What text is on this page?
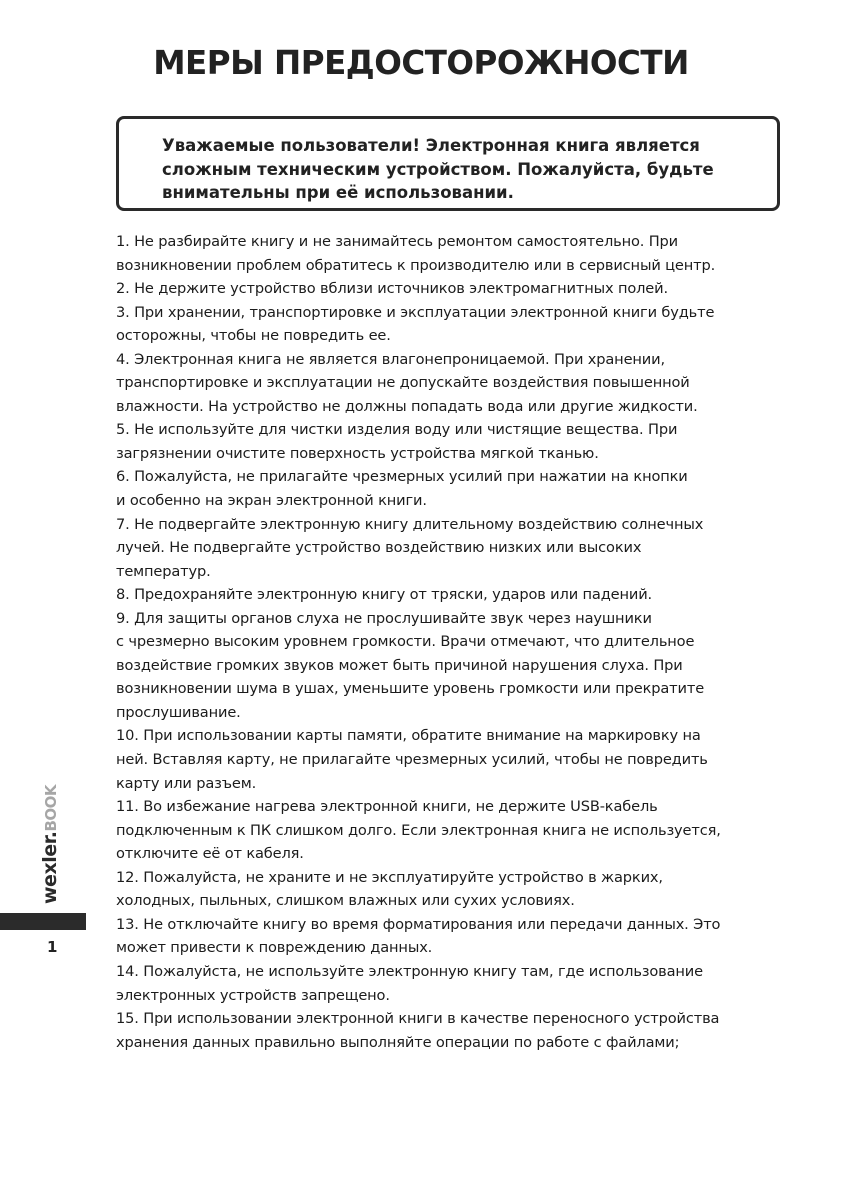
МЕРЫ ПРЕДОСТОРОЖНОСТИ
Уважаемые пользователи! Электронная книга является
сложным техническим устройством. Пожалуйста, будьте
внимательны при её использовании.
1. Не разбирайте книгу и не занимайтесь ремонтом самостоятельно. При
возникновении проблем обратитесь к производителю или в сервисный центр.
2. Не держите устройство вблизи источников электромагнитных полей.
3. При хранении, транспортировке и эксплуатации электронной книги будьте
осторожны, чтобы не повредить ее.
4. Электронная книга не является влагонепроницаемой. При хранении,
транспортировке и эксплуатации не допускайте воздействия повышенной
влажности. На устройство не должны попадать вода или другие жидкости.
5. Не используйте для чистки изделия воду или чистящие вещества. При
загрязнении очистите поверхность устройства мягкой тканью.
6. Пожалуйста, не прилагайте чрезмерных усилий при нажатии на кнопки
и особенно на экран электронной книги.
7. Не подвергайте электронную книгу длительному воздействию солнечных
лучей. Не подвергайте устройство воздействию низких или высоких
температур.
8. Предохраняйте электронную книгу от тряски, ударов или падений.
9. Для защиты органов слуха не прослушивайте звук через наушники
с чрезмерно высоким уровнем громкости. Врачи отмечают, что длительное
воздействие громких звуков может быть причиной нарушения слуха. При
возникновении шума в ушах, уменьшите уровень громкости или прекратите
прослушивание.
10. При использовании карты памяти, обратите внимание на маркировку на
ней. Вставляя карту, не прилагайте чрезмерных усилий, чтобы не повредить
карту или разъем.
11. Во избежание нагрева электронной книги, не держите USB-кабель
подключенным к ПК слишком долго. Если электронная книга не используется,
отключите её от кабеля.
12. Пожалуйста, не храните и не эксплуатируйте устройство в жарких,
холодных, пыльных, слишком влажных или сухих условиях.
13. Не отключайте книгу во время форматирования или передачи данных. Это
может привести к повреждению данных.
14. Пожалуйста, не используйте электронную книгу там, где использование
электронных устройств запрещено.
15. При использовании электронной книги в качестве переносного устройства
хранения данных правильно выполняйте операции по работе с файлами;
wexler.BOOK
1
